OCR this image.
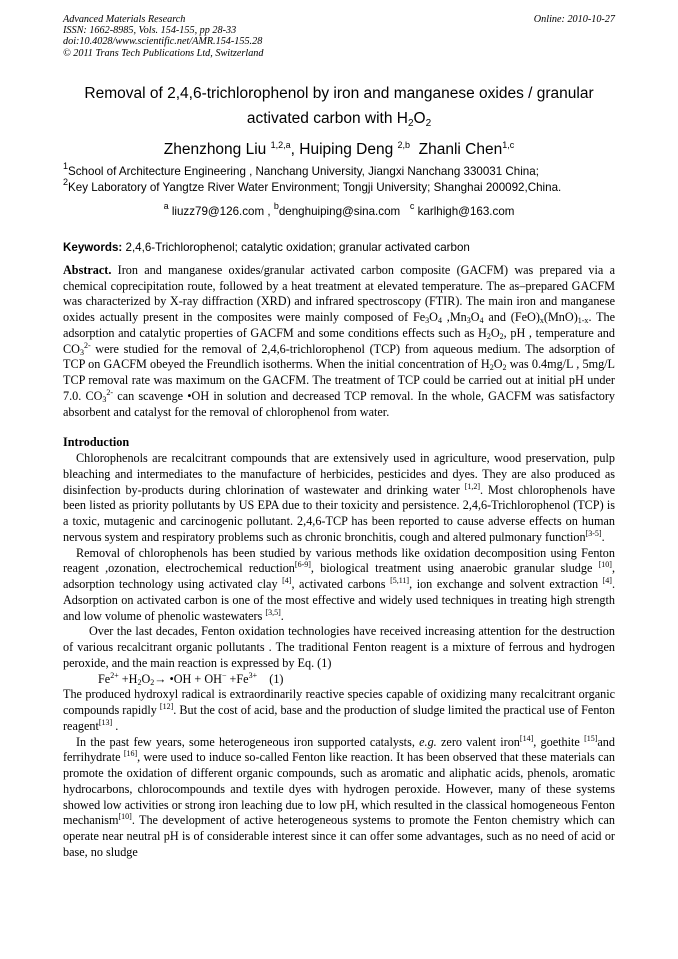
Advanced Materials Research
ISSN: 1662-8985, Vols. 154-155, pp 28-33
doi:10.4028/www.scientific.net/AMR.154-155.28
© 2011 Trans Tech Publications Ltd, Switzerland
Online: 2010-10-27
Removal of 2,4,6-trichlorophenol by iron and manganese oxides / granular
activated carbon with $H_2O_2$
Zhenzhong Liu $^{1,2,a}$, Huiping Deng $^{2,b}$ Zhanli Chen$^{1,c}$
$^1$School of Architecture Engineering , Nanchang University, Jiangxi Nanchang 330031 China;
$^2$Key Laboratory of Yangtze River Water Environment; Tongji University; Shanghai 200092,China.
$^a$ liuzz79@126.com , $^b$denghuiping@sina.com $^c$ karlhigh@163.com
Keywords: 2,4,6-Trichlorophenol; catalytic oxidation; granular activated carbon
Abstract. Iron and manganese oxides/granular activated carbon composite (GACFM) was prepared via a chemical coprecipitation route, followed by a heat treatment at elevated temperature. The as–prepared GACFM was characterized by X-ray diffraction (XRD) and infrared spectroscopy (FTIR). The main iron and manganese oxides actually present in the composites were mainly composed of $Fe_3O_4$ $,Mn_3O_4$ and $(FeO)_x(MnO)_{1-x}$. The adsorption and catalytic properties of GACFM and some conditions effects such as $H_2O_2$, pH , temperature and $CO_3^{2-}$ were studied for the removal of 2,4,6-trichlorophenol (TCP) from aqueous medium. The adsorption of TCP on GACFM obeyed the Freundlich isotherms. When the initial concentration of $H_2O_2$ was 0.4mg/L , 5mg/L TCP removal rate was maximum on the GACFM. The treatment of TCP could be carried out at initial pH under 7.0. $CO_3^{2-}$ can scavenge •OH in solution and decreased TCP removal. In the whole, GACFM was satisfactory absorbent and catalyst for the removal of chlorophenol from water.
Introduction
Chlorophenols are recalcitrant compounds that are extensively used in agriculture, wood preservation, pulp bleaching and intermediates to the manufacture of herbicides, pesticides and dyes. They are also produced as disinfection by-products during chlorination of wastewater and drinking water [1,2]. Most chlorophenols have been listed as priority pollutants by US EPA due to their toxicity and persistence. 2,4,6-Trichlorophenol (TCP) is a toxic, mutagenic and carcinogenic pollutant. 2,4,6-TCP has been reported to cause adverse effects on human nervous system and respiratory problems such as chronic bronchitis, cough and altered pulmonary function[3-5].
Removal of chlorophenols has been studied by various methods like oxidation decomposition using Fenton reagent ,ozonation, electrochemical reduction[6-9], biological treatment using anaerobic granular sludge [10], adsorption technology using activated clay [4], activated carbons [5,11], ion exchange and solvent extraction [4]. Adsorption on activated carbon is one of the most effective and widely used techniques in treating high strength and low volume of phenolic wastewaters [3,5].
Over the last decades, Fenton oxidation technologies have received increasing attention for the destruction of various recalcitrant organic pollutants . The traditional Fenton reagent is a mixture of ferrous and hydrogen peroxide, and the main reaction is expressed by Eq. (1)
$Fe^{2+} +H_2O_2\to$ •OH + $OH^- +Fe^{3+}$    (1)
The produced hydroxyl radical is extraordinarily reactive species capable of oxidizing many recalcitrant organic compounds rapidly [12]. But the cost of acid, base and the production of sludge limited the practical use of Fenton reagent[13] .
In the past few years, some heterogeneous iron supported catalysts, e.g. zero valent iron[14], goethite [15]and ferrihydrate [16], were used to induce so-called Fenton like reaction. It has been observed that these materials can promote the oxidation of different organic compounds, such as aromatic and aliphatic acids, phenols, aromatic hydrocarbons, chlorocompounds and textile dyes with hydrogen peroxide. However, many of these systems showed low activities or strong iron leaching due to low pH, which resulted in the classical homogeneous Fenton mechanism[10]. The development of active heterogeneous systems to promote the Fenton chemistry which can operate near neutral pH is of considerable interest since it can offer some advantages, such as no need of acid or base, no sludge
